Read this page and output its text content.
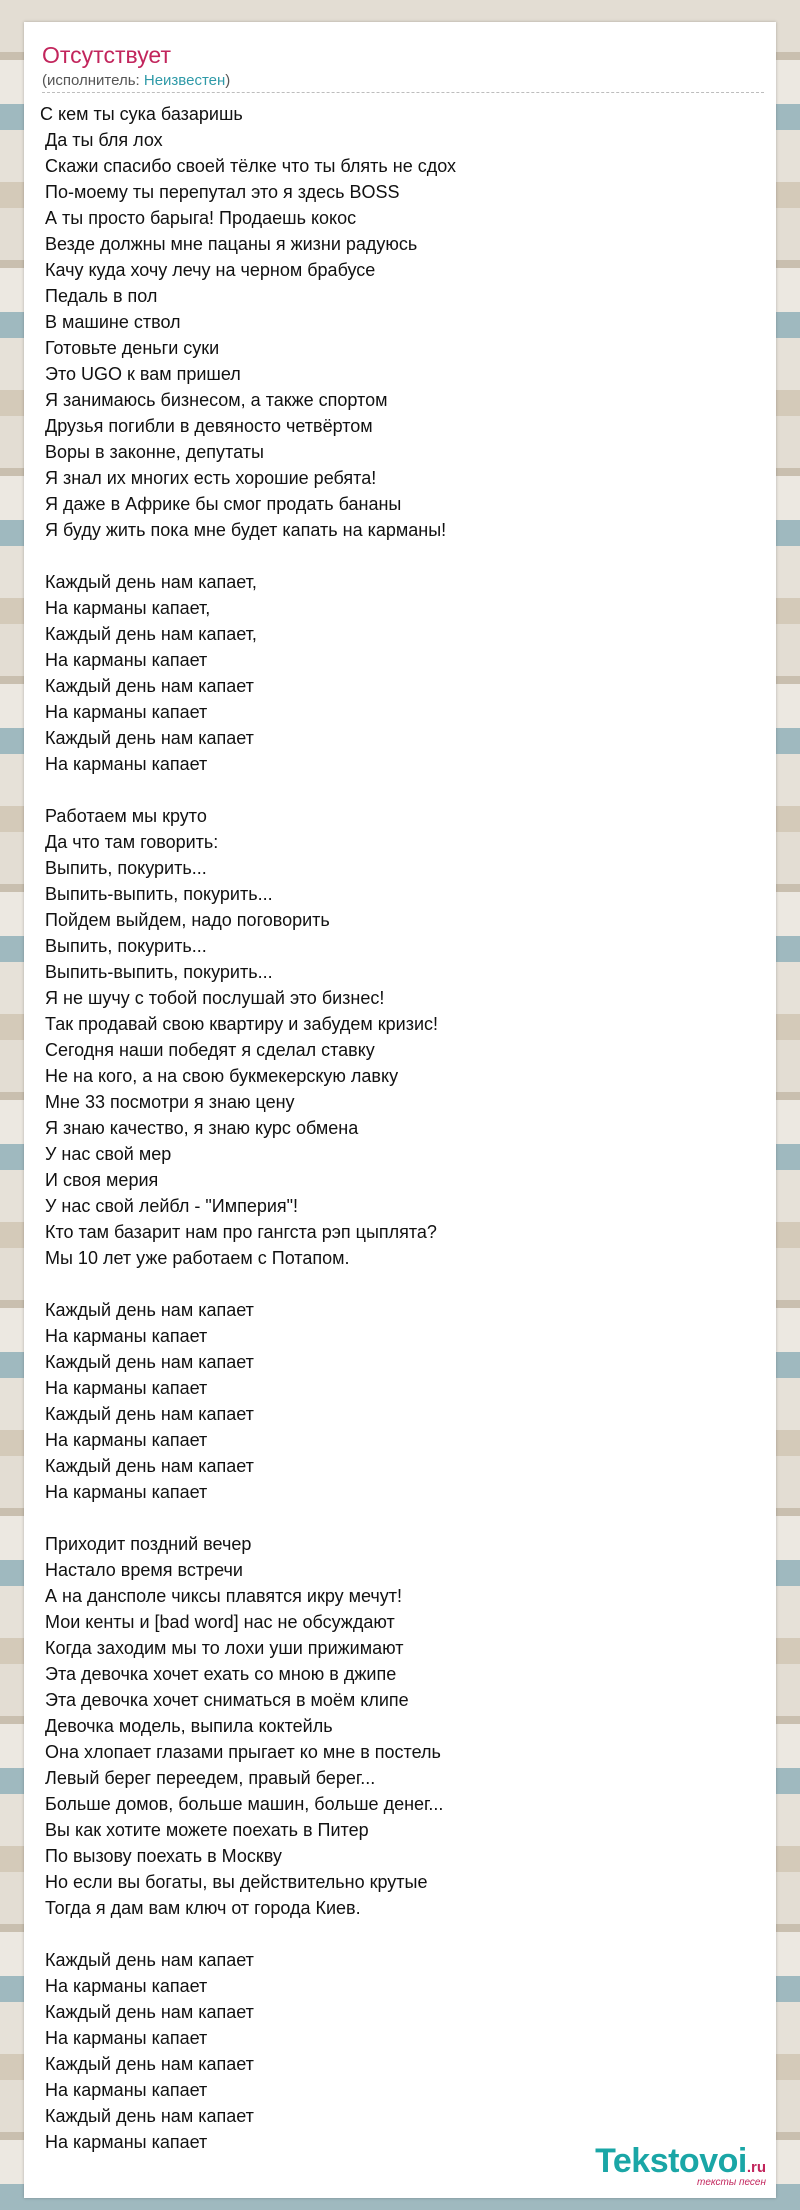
Отсутствует
(исполнитель: Неизвестен)
С кем ты сука базаришь
Да ты бля лох
Скажи спасибо своей тёлке что ты блять не сдох
По-моему ты перепутал это я здесь BOSS
А ты просто барыга! Продаешь кокос
Везде должны мне пацаны я жизни радуюсь
Качу куда хочу лечу на черном брабусе
Педаль в пол
В машине ствол
Готовьте деньги суки
Это UGO к вам пришел
Я занимаюсь бизнесом, а также спортом
Друзья погибли в девяносто четвёртом
Воры в законне, депутаты
Я знал их многих есть хорошие ребята!
Я даже в Африке бы смог продать бананы
Я буду жить пока мне будет капать на карманы!
Каждый день нам капает,
На карманы капает,
Каждый день нам капает,
На карманы капает
Каждый день нам капает
На карманы капает
Каждый день нам капает
На карманы капает
Работаем мы круто
Да что там говорить:
Выпить, покурить...
Выпить-выпить, покурить...
Пойдем выйдем, надо поговорить
Выпить, покурить...
Выпить-выпить, покурить...
Я не шучу с тобой послушай это бизнес!
Так продавай свою квартиру и забудем кризис!
Сегодня наши победят я сделал ставку
Не на кого, а на свою букмекерскую лавку
Мне 33 посмотри я знаю цену
Я знаю качество, я знаю курс обмена
У нас свой мер
И своя мерия
У нас свой лейбл - "Империя"!
Кто там базарит нам про гангста рэп цыплята?
Мы 10 лет уже работаем с Потапом.
Каждый день нам капает
На карманы капает
Каждый день нам капает
На карманы капает
Каждый день нам капает
На карманы капает
Каждый день нам капает
На карманы капает
Приходит поздний вечер
Настало время встречи
А на дансполе чиксы плавятся икру мечут!
Мои кенты и [bad word] нас не обсуждают
Когда заходим мы то лохи уши прижимают
Эта девочка хочет ехать со мною в джипе
Эта девочка хочет сниматься в моём клипе
Девочка модель, выпила коктейль
Она хлопает глазами прыгает ко мне в постель
Левый берег переедем, правый берег...
Больше домов, больше машин, больше денег...
Вы как хотите можете поехать в Питер
По вызову поехать в Москву
Но если вы богаты, вы действительно крутые
Тогда я дам вам ключ от города Киев.
Каждый день нам капает
На карманы капает
Каждый день нам капает
На карманы капает
Каждый день нам капает
На карманы капает
Каждый день нам капает
На карманы капает	Tekstovoi.ru
тексты песен
